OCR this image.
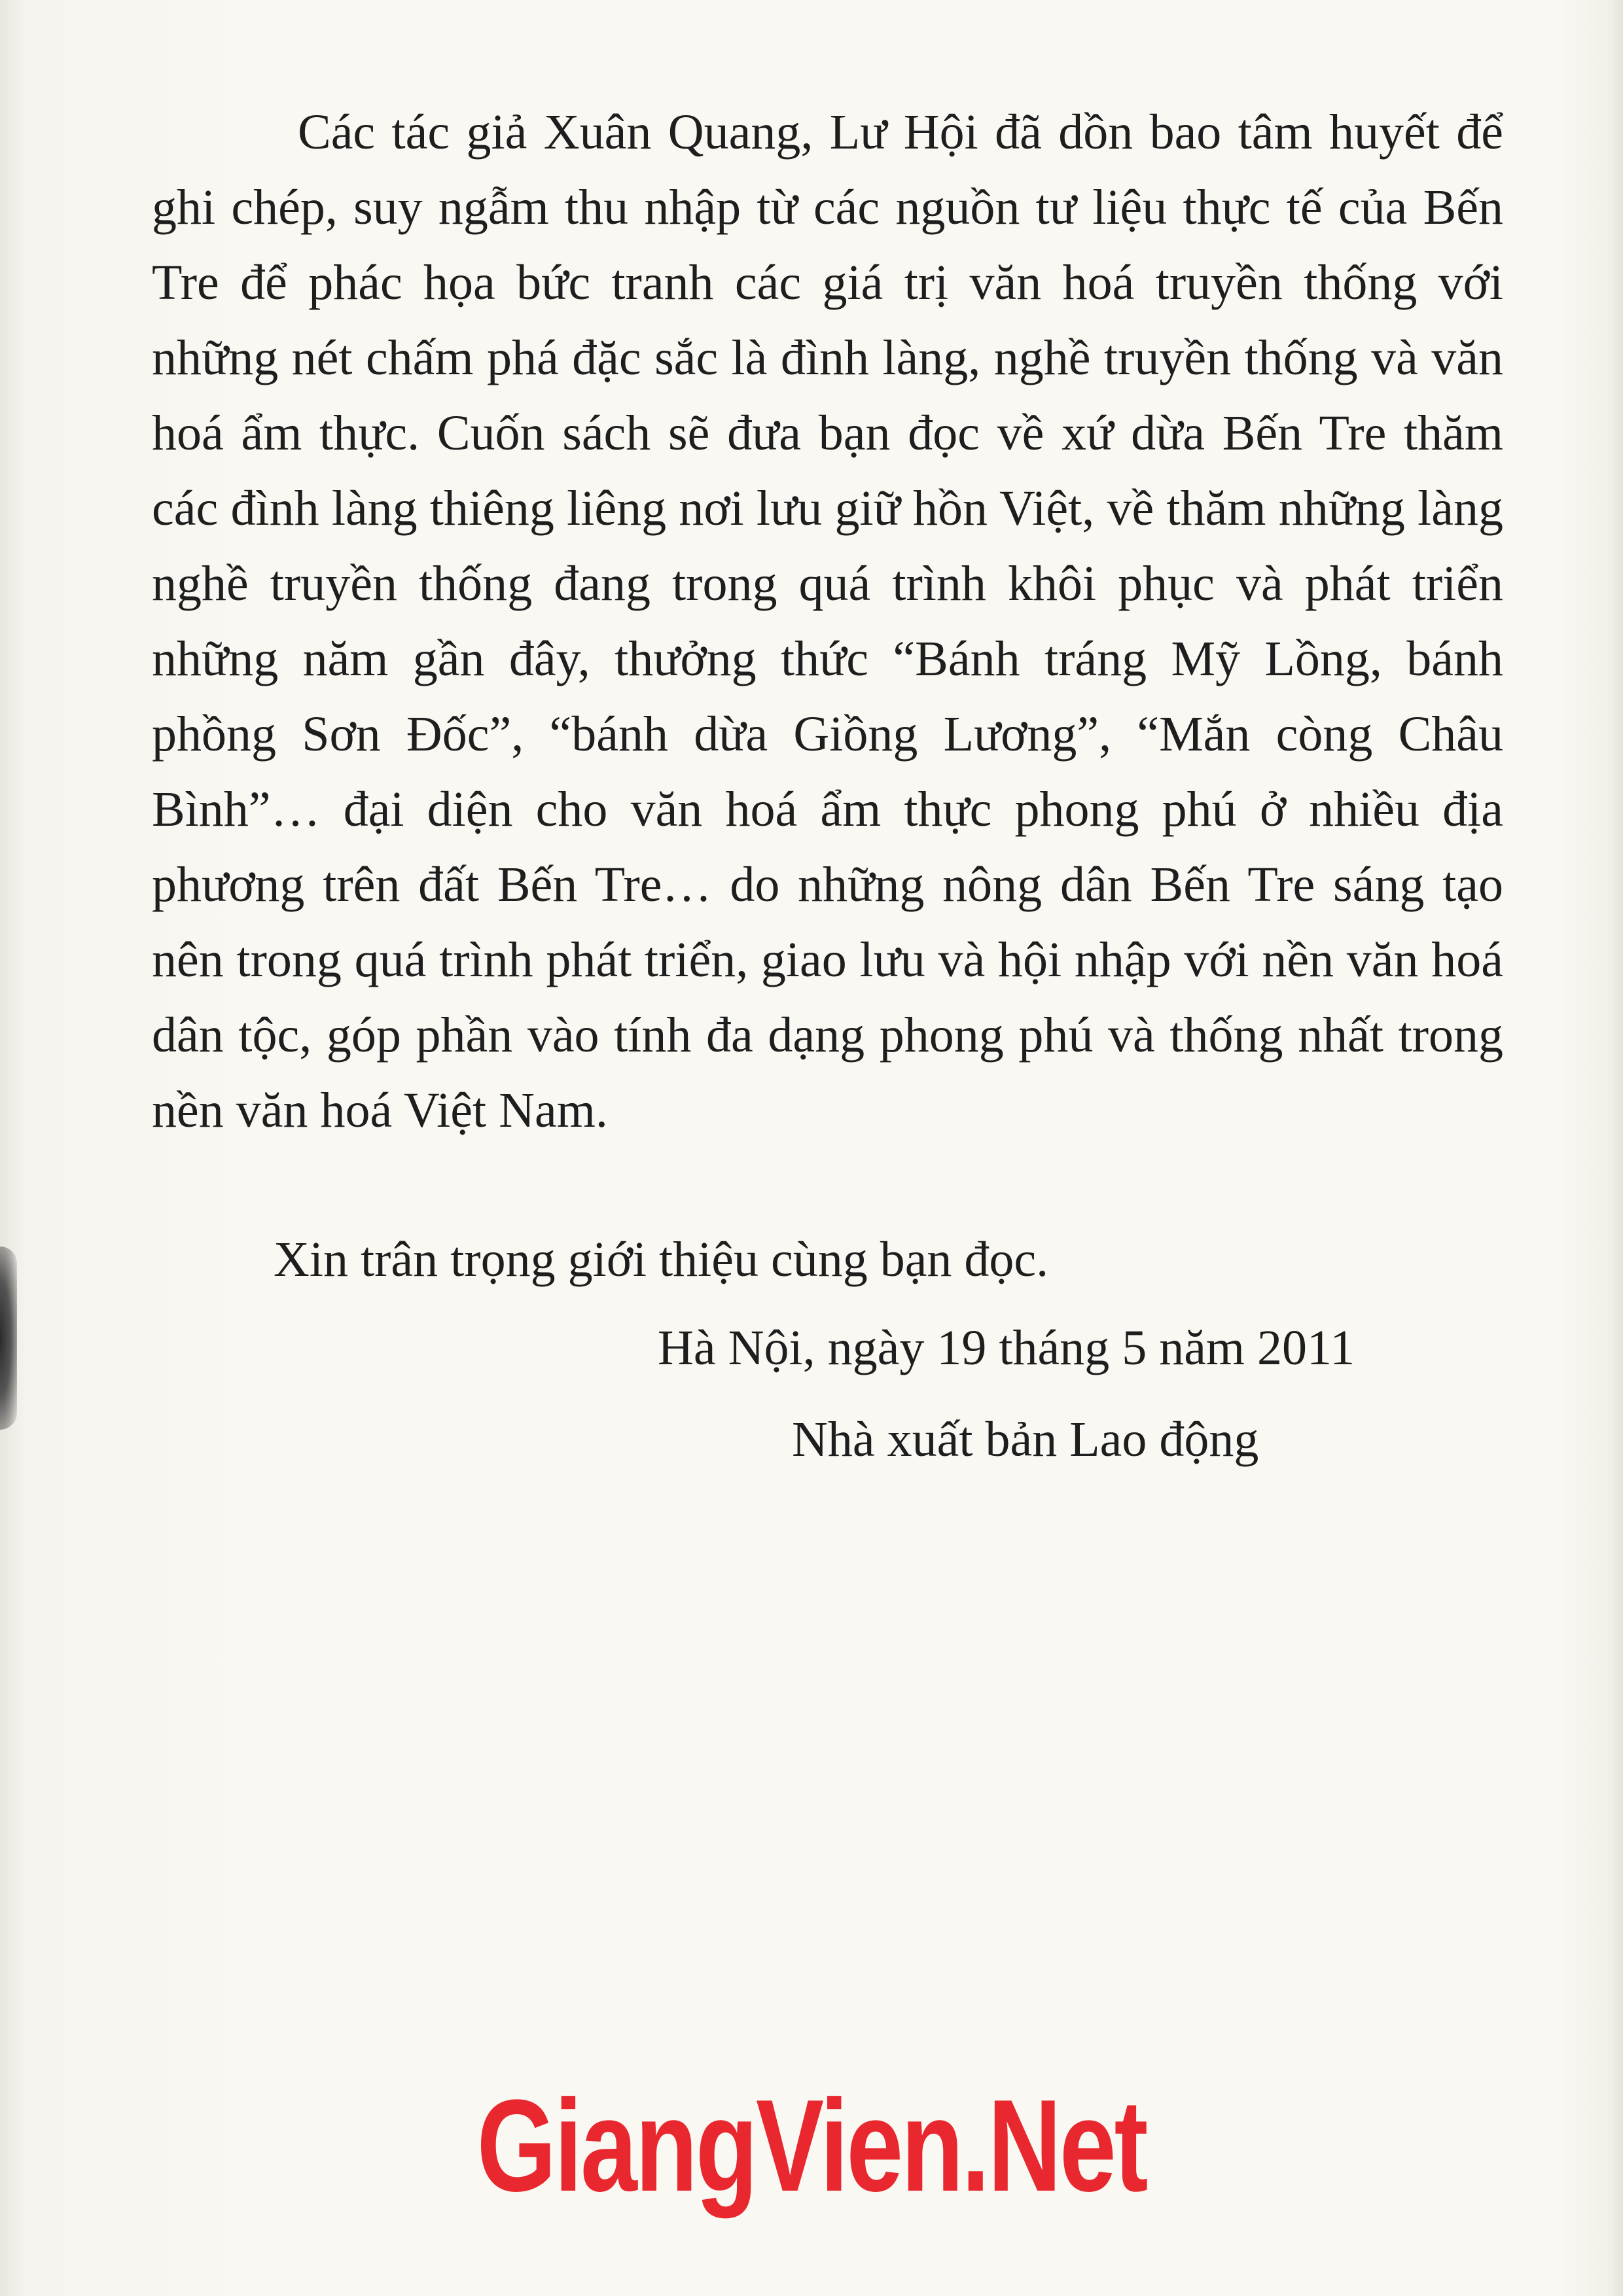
Các tác giả Xuân Quang, Lư Hội đã dồn bao tâm huyết để ghi chép, suy ngẫm thu nhập từ các nguồn tư liệu thực tế của Bến Tre để phác họa bức tranh các giá trị văn hoá truyền thống với những nét chấm phá đặc sắc là đình làng, nghề truyền thống và văn hoá ẩm thực. Cuốn sách sẽ đưa bạn đọc về xứ dừa Bến Tre thăm các đình làng thiêng liêng nơi lưu giữ hồn Việt, về thăm những làng nghề truyền thống đang trong quá trình khôi phục và phát triển những năm gần đây, thưởng thức “Bánh tráng Mỹ Lồng, bánh phồng Sơn Đốc”, “bánh dừa Giồng Lương”, “Mắn còng Châu Bình”… đại diện cho văn hoá ẩm thực phong phú ở nhiều địa phương trên đất Bến Tre… do những nông dân Bến Tre sáng tạo nên trong quá trình phát triển, giao lưu và hội nhập với nền văn hoá dân tộc, góp phần vào tính đa dạng phong phú và thống nhất trong nền văn hoá Việt Nam.

Xin trân trọng giới thiệu cùng bạn đọc.

Hà Nội, ngày 19 tháng 5 năm 2011

Nhà xuất bản Lao động

GiangVien.Net
